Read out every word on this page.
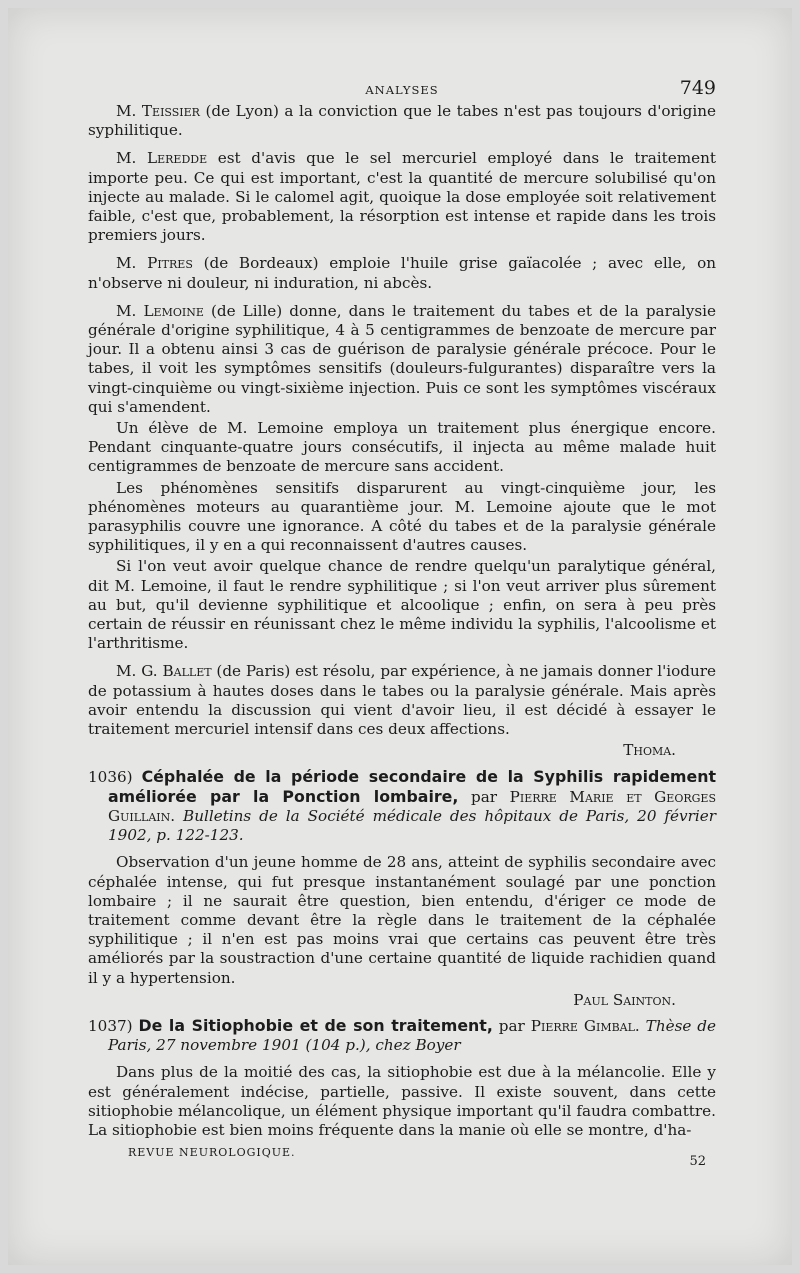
ANALYSES	749

M. Teissier (de Lyon) a la conviction que le tabes n'est pas toujours d'origine syphilitique.

M. Leredde est d'avis que le sel mercuriel employé dans le traitement importe peu. Ce qui est important, c'est la quantité de mercure solubilisé qu'on injecte au malade. Si le calomel agit, quoique la dose employée soit relativement faible, c'est que, probablement, la résorption est intense et rapide dans les trois premiers jours.

M. Pitres (de Bordeaux) emploie l'huile grise gaïacolée ; avec elle, on n'observe ni douleur, ni induration, ni abcès.

M. Lemoine (de Lille) donne, dans le traitement du tabes et de la paralysie générale d'origine syphilitique, 4 à 5 centigrammes de benzoate de mercure par jour. Il a obtenu ainsi 3 cas de guérison de paralysie générale précoce. Pour le tabes, il voit les symptômes sensitifs (douleurs-fulgurantes) disparaître vers la vingt-cinquième ou vingt-sixième injection. Puis ce sont les symptômes viscéraux qui s'amendent.

Un élève de M. Lemoine employa un traitement plus énergique encore. Pendant cinquante-quatre jours consécutifs, il injecta au même malade huit centigrammes de benzoate de mercure sans accident.

Les phénomènes sensitifs disparurent au vingt-cinquième jour, les phénomènes moteurs au quarantième jour. M. Lemoine ajoute que le mot parasyphilis couvre une ignorance. A côté du tabes et de la paralysie générale syphilitiques, il y en a qui reconnaissent d'autres causes.

Si l'on veut avoir quelque chance de rendre quelqu'un paralytique général, dit M. Lemoine, il faut le rendre syphilitique ; si l'on veut arriver plus sûrement au but, qu'il devienne syphilitique et alcoolique ; enfin, on sera à peu près certain de réussir en réunissant chez le même individu la syphilis, l'alcoolisme et l'arthritisme.

M. G. Ballet (de Paris) est résolu, par expérience, à ne jamais donner l'iodure de potassium à hautes doses dans le tabes ou la paralysie générale. Mais après avoir entendu la discussion qui vient d'avoir lieu, il est décidé à essayer le traitement mercuriel intensif dans ces deux affections.

Thoma.

1036) Céphalée de la période secondaire de la Syphilis rapidement améliorée par la Ponction lombaire, par Pierre Marie et Georges Guillain. Bulletins de la Société médicale des hôpitaux de Paris, 20 février 1902, p. 122-123.

Observation d'un jeune homme de 28 ans, atteint de syphilis secondaire avec céphalée intense, qui fut presque instantanément soulagé par une ponction lombaire ; il ne saurait être question, bien entendu, d'ériger ce mode de traitement comme devant être la règle dans le traitement de la céphalée syphilitique ; il n'en est pas moins vrai que certains cas peuvent être très améliorés par la soustraction d'une certaine quantité de liquide rachidien quand il y a hypertension.

Paul Sainton.

1037) De la Sitiophobie et de son traitement, par Pierre Gimbal. Thèse de Paris, 27 novembre 1901 (104 p.), chez Boyer

Dans plus de la moitié des cas, la sitiophobie est due à la mélancolie. Elle y est généralement indécise, partielle, passive. Il existe souvent, dans cette sitiophobie mélancolique, un élément physique important qu'il faudra combattre. La sitiophobie est bien moins fréquente dans la manie où elle se montre, d'ha-

REVUE NEUROLOGIQUE.
52
